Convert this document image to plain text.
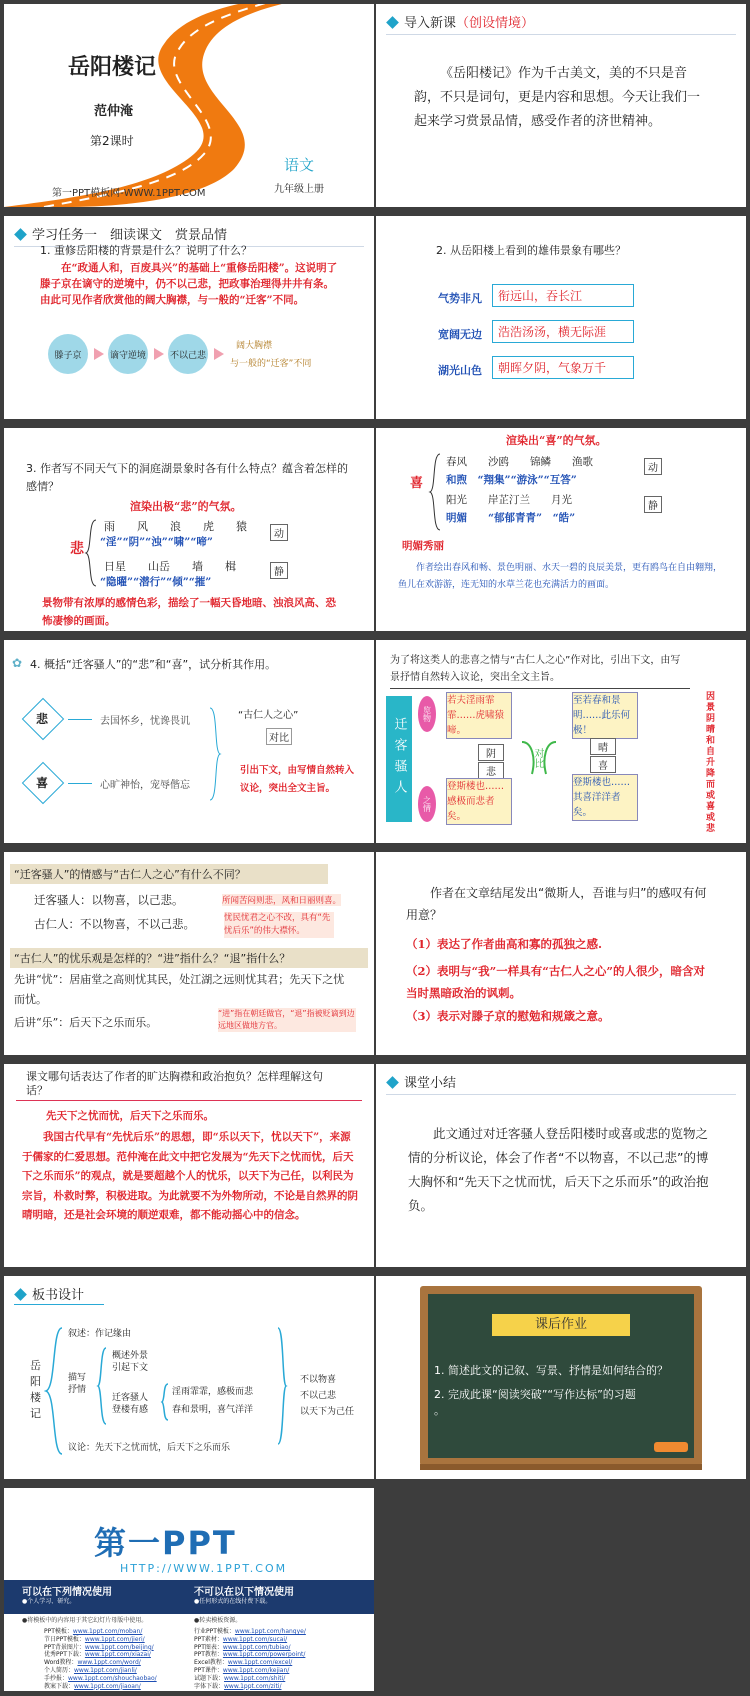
岳阳楼记
范仲淹
第2课时
语文
九年级上册
第一PPT模板网-WWW.1PPT.COM
导入新课（创设情境）
《岳阳楼记》作为千古美文，美的不只是音韵，不只是词句，更是内容和思想。今天让我们一起来学习赏景品情，感受作者的济世精神。
学习任务一　细读课文　赏景品情
1. 重修岳阳楼的背景是什么？说明了什么？
在“政通人和，百废具兴”的基础上“重修岳阳楼”。这说明了滕子京在谪守的逆境中，仍不以己悲，把政事治理得井井有条。由此可见作者欣赏他的阔大胸襟，与一般的“迁客”不同。
滕子京	谪守逆境	不以己悲
阔大胸襟
与一般的“迁客”不同
2. 从岳阳楼上看到的雄伟景象有哪些？
气势非凡	衔远山，吞长江
宽阔无边	浩浩汤汤，横无际涯
湖光山色	朝晖夕阴，气象万千
3. 作者写不同天气下的洞庭湖景象时各有什么特点？蕴含着怎样的感情？
渲染出极“悲”的气氛。
悲
雨　　风　　浪　　虎　　猿
“淫”“阴”“浊”“啸”“啼”
动
日星　　山岳　　墙　　楫
“隐曜”“潜行”“倾”“摧”
静
景物带有浓厚的感情色彩，描绘了一幅天昏地暗、浊浪风高、恐怖凄惨的画面。
渲染出“喜”的气氛。
喜
春风　　沙鸥　　锦鳞　　渔歌
和煦　“翔集”“游泳”“互答”
动
阳光　　岸芷汀兰　　月光
明媚　　“郁郁青青”　“皓”
静
明媚秀丽
作者绘出春风和畅、景色明丽、水天一碧的良辰美景，更有鸥鸟在自由翱翔，鱼儿在欢游游，连无知的水草兰花也充满活力的画面。
✿ 4. 概括“迁客骚人”的“悲”和“喜”，试分析其作用。
悲	去国怀乡，忧谗畏讥
喜	心旷神怡，宠辱偕忘
“古仁人之心”
对比
引出下文，由写情自然转入议论，突出全文主旨。
为了将这类人的悲喜之情与“古仁人之心”作对比，引出下文，由写景抒情自然转入议论，突出全文主旨。
迁客骚人
览物
之情
若夫淫雨霏霏……虎啸猿啼。
阴
悲
登斯楼也……感极而悲者矣。
对比
至若春和景明……此乐何极！
晴
喜
登斯楼也……其喜洋洋者矣。
因景阴晴和自升降而或喜或悲
“迁客骚人”的情感与“古仁人之心”有什么不同？
迁客骚人：以物喜，以己悲。	所闻苦闷则悲，风和日丽则喜。
古仁人：不以物喜，不以己悲。	忧民忧君之心不改，具有“先忧后乐”的伟大襟怀。
“古仁人”的忧乐观是怎样的？“进”指什么？“退”指什么？
先讲“忧”：居庙堂之高则忧其民，处江湖之远则忧其君；先天下之忧而忧。
“进”指在朝廷做官，“退”指被贬谪到边远地区做地方官。
后讲“乐”：后天下之乐而乐。
作者在文章结尾发出“微斯人，吾谁与归”的感叹有何用意？
（1）表达了作者曲高和寡的孤独之感.
（2）表明与“我”一样具有“古仁人之心”的人很少，暗含对当时黑暗政治的讽刺。
（3）表示对滕子京的慰勉和规箴之意。
课文哪句话表达了作者的旷达胸襟和政治抱负？怎样理解这句话？
先天下之忧而忧，后天下之乐而乐。
我国古代早有“先忧后乐”的思想，即“乐以天下，忧以天下”，来源于儒家的仁爱思想。范仲淹在此文中把它发展为“先天下之忧而忧，后天下之乐而乐”的观点，就是要超越个人的忧乐，以天下为己任，以利民为宗旨，朴救时弊，积极进取。为此就要不为外物所动，不论是自然界的阴晴明暗，还是社会环境的顺逆艰难，都不能动摇心中的信念。
课堂小结
此文通过对迁客骚人登岳阳楼时或喜或悲的览物之情的分析议论，体会了作者“不以物喜，不以己悲”的博大胸怀和“先天下之忧而忧，后天下之乐而乐”的政治抱负。
板书设计
岳阳楼记
叙述：作记缘由
描写抒情
概述外景
引起下文
迁客骚人
登楼有感
淫雨霏霏，感极而悲
春和景明，喜气洋洋
不以物喜
不以己悲
以天下为己任
议论：先天下之忧而忧，后天下之乐而乐
课后作业
1. 简述此文的记叙、写景、抒情是如何结合的？
2. 完成此课“阅读突破”“写作达标”的习题
。
第一PPT
HTTP://WWW.1PPT.COM
可以在下列情况使用
●个人学习、研究。
●将模板中的内容用于其它幻灯片母版中使用。
不可以在以下情况使用
●任何形式的在线付费下载。
●转卖模板资源。
PPT模板：www.1ppt.com/moban/
节日PPT模板：www.1ppt.com/jieri/
PPT背景图片：www.1ppt.com/beijing/
优秀PPT下载：www.1ppt.com/xiazai/
Word教程：www.1ppt.com/word/
个人简历：www.1ppt.com/jianli/
手抄报：www.1ppt.com/shouchaobao/
教案下载：www.1ppt.com/jiaoan/
行业PPT模板：www.1ppt.com/hangye/
PPT素材：www.1ppt.com/sucai/
PPT图表：www.1ppt.com/tubiao/
PPT教程：www.1ppt.com/powerpoint/
Excel教程：www.1ppt.com/excel/
PPT课件：www.1ppt.com/kejian/
试题下载：www.1ppt.com/shiti/
字体下载：www.1ppt.com/ziti/
